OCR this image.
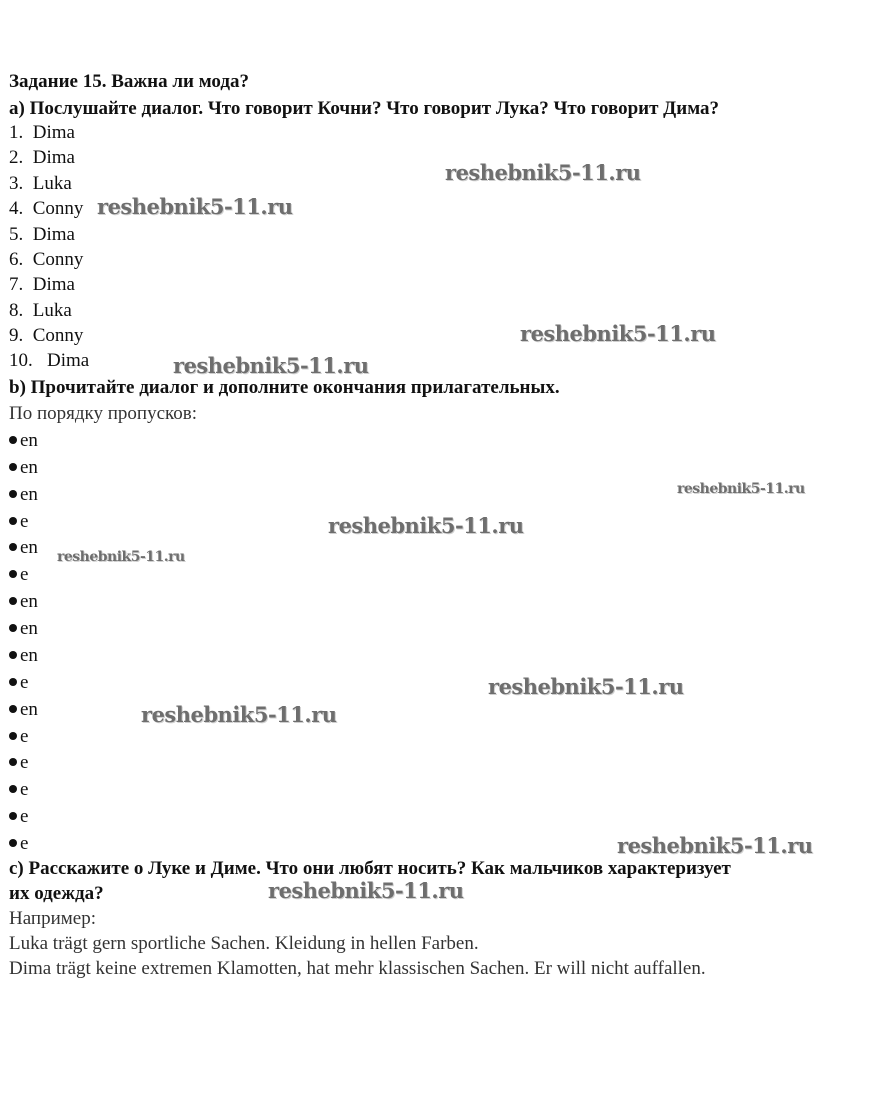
Задание 15. Важна ли мода?
a) Послушайте диалог. Что говорит Кочни? Что говорит Лука? Что говорит Дима?
1. Dima
2. Dima
3. Luka
4. Conny
5. Dima
6. Conny
7. Dima
8. Luka
9. Conny
10. Dima
b) Прочитайте диалог и дополните окончания прилагательных.
По порядку пропусков:
en
en
en
e
en
e
en
en
en
e
en
e
e
e
e
e
c) Расскажите о Луке и Диме. Что они любят носить? Как мальчиков характеризует
их одежда?
Например:
Luka trägt gern sportliche Sachen. Kleidung in hellen Farben.
Dima trägt keine extremen Klamotten, hat mehr klassischen Sachen. Er will nicht auffallen.
reshebnik5-11.ru
reshebnik5-11.ru
reshebnik5-11.ru
reshebnik5-11.ru
reshebnik5-11.ru
reshebnik5-11.ru
reshebnik5-11.ru
reshebnik5-11.ru
reshebnik5-11.ru
reshebnik5-11.ru
reshebnik5-11.ru
